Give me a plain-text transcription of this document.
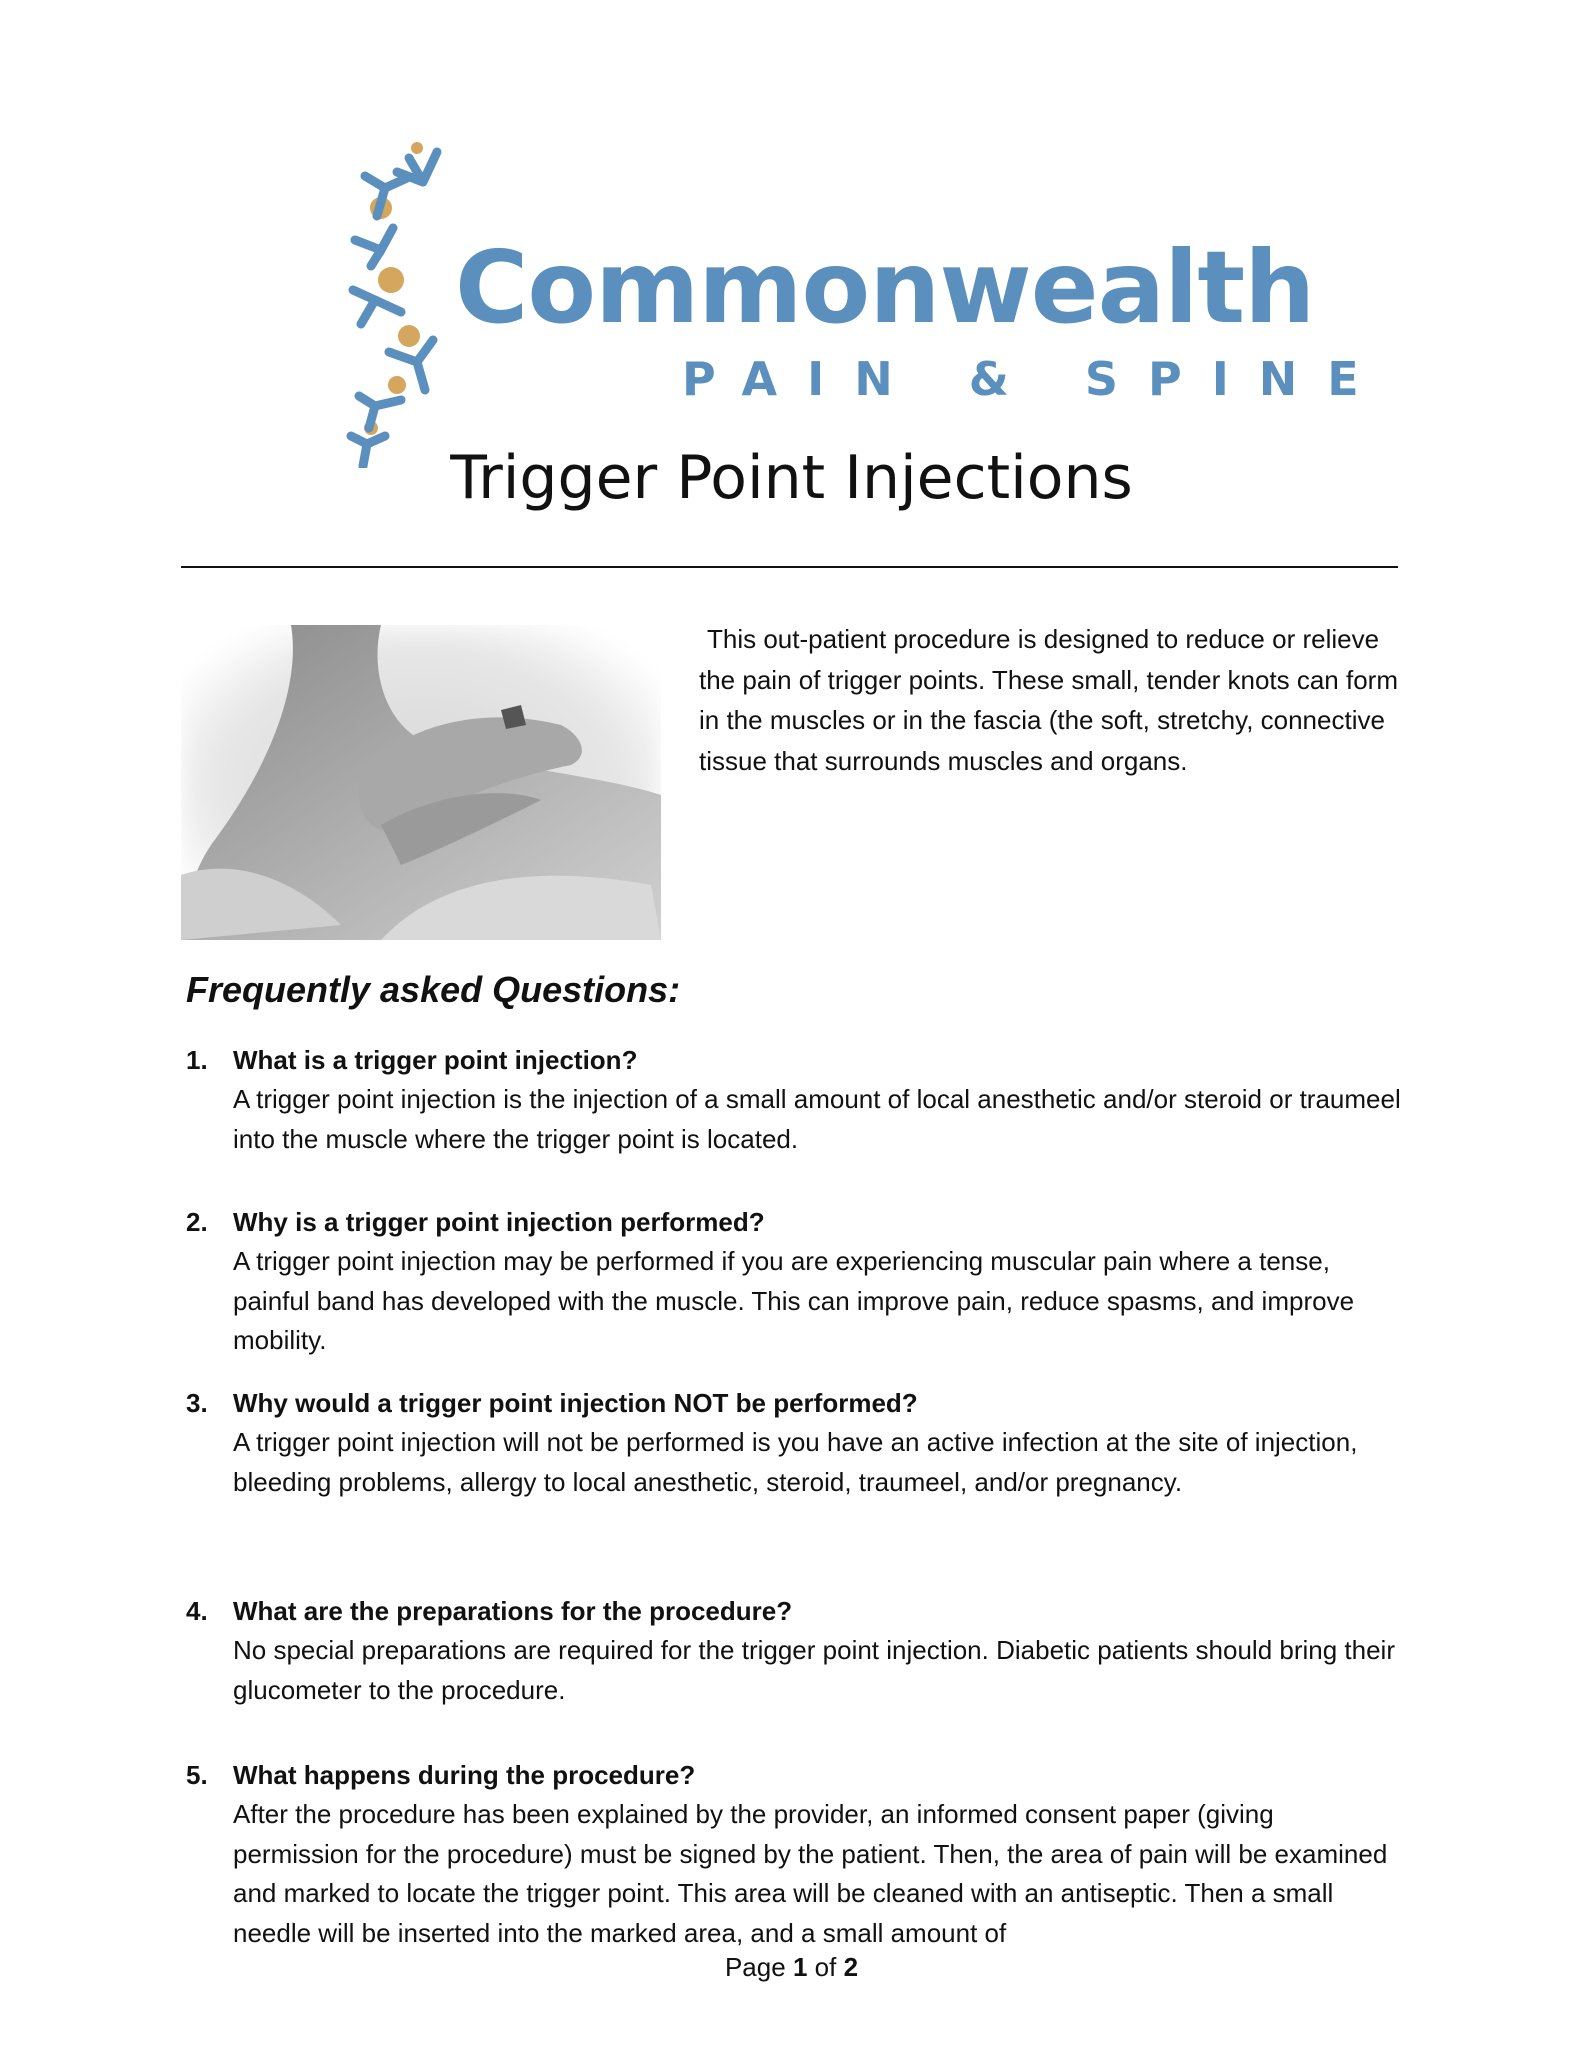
Commonwealth
PAIN & SPINE
Trigger Point Injections

This out-patient procedure is designed to reduce or relieve the pain of trigger points. These small, tender knots can form in the muscles or in the fascia (the soft, stretchy, connective tissue that surrounds muscles and organs.

Frequently asked Questions:
1. What is a trigger point injection?

A trigger point injection is the injection of a small amount of local anesthetic and/or steroid or traumeel into the muscle where the trigger point is located.

2. Why is a trigger point injection performed?

A trigger point injection may be performed if you are experiencing muscular pain where a tense, painful band has developed with the muscle. This can improve pain, reduce spasms, and improve mobility.

3. Why would a trigger point injection NOT be performed?

A trigger point injection will not be performed is you have an active infection at the site of injection, bleeding problems, allergy to local anesthetic, steroid, traumeel, and/or pregnancy.

4. What are the preparations for the procedure?

No special preparations are required for the trigger point injection. Diabetic patients should bring their glucometer to the procedure.

5. What happens during the procedure?

After the procedure has been explained by the provider, an informed consent paper (giving permission for the procedure) must be signed by the patient. Then, the area of pain will be examined and marked to locate the trigger point. This area will be cleaned with an antiseptic. Then a small needle will be inserted into the marked area, and a small amount of

Page 1 of 2
